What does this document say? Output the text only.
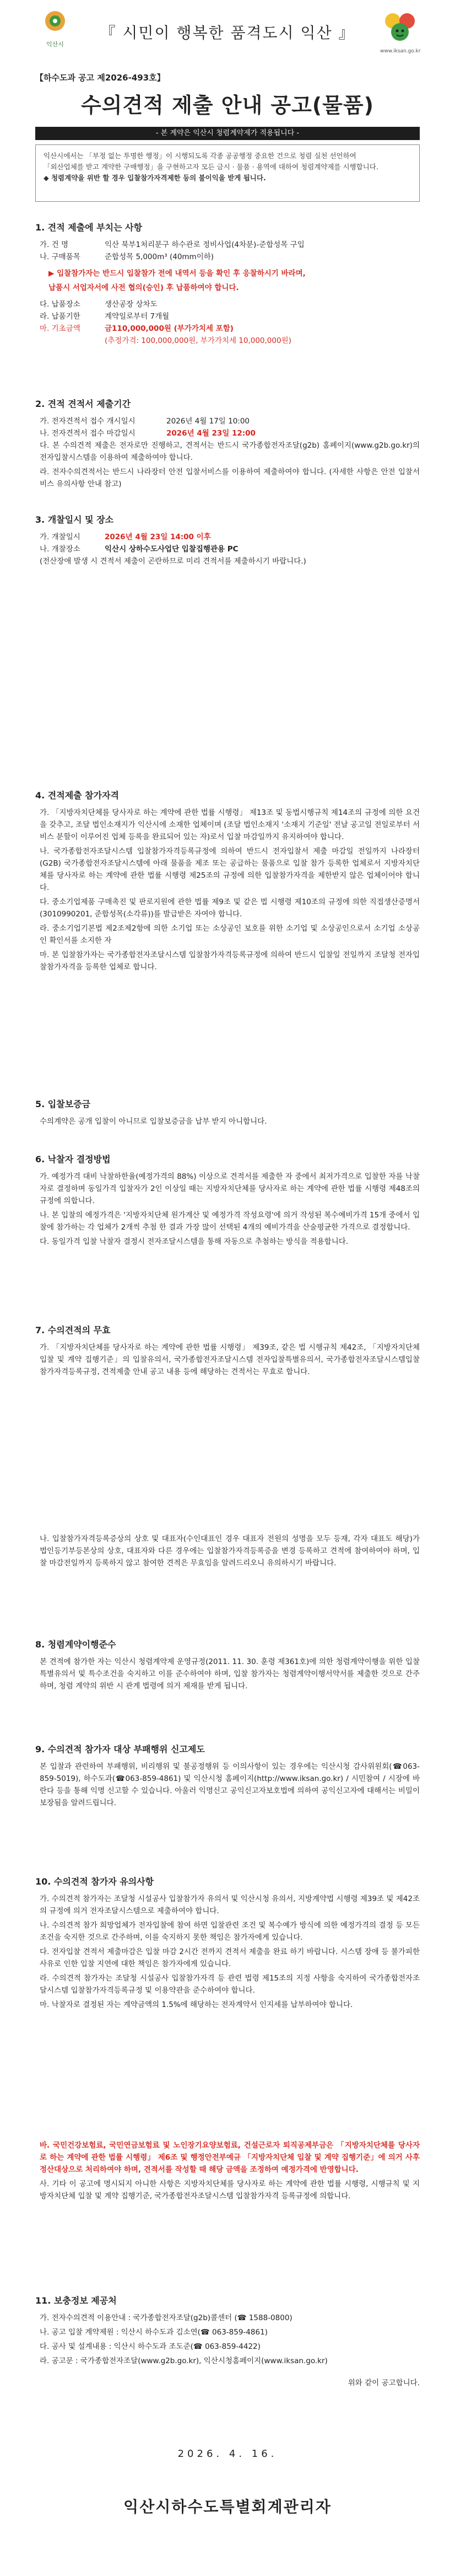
익산시
『 시민이 행복한 품격도시 익산 』
www.iksan.go.kr
【하수도과 공고 제2026-493호】
수의견적 제출 안내 공고(물품)
- 본 계약은 익산시 청렴계약제가 적용됩니다 -
익산시에서는 「부정 없는 투명한 행정」이 시행되도록 각종 공공행정 중요한 건으로 청렴 실천 선언하여
「외산업체를 받고 계약한 구매행정」을 구현하고자 모든 금시 · 물품 · 용역에 대하여 청렴계약제를 시행합니다.
◆ 청렴계약을 위반 할 경우 입찰참가자격제한 등의 불이익을 받게 됩니다.
1. 견적 제출에 부치는 사항
가. 건 명	익산 북부1처리분구 하수관로 정비사업(4차분)-준합성목 구입
나. 구매품목	준합성목 5,000m³ (40mm이하)
▶ 입찰참가자는 반드시 입찰참가 전에 내역서 등을 확인 후 응찰하시기 바라며,
납품시 서업자서에 사전 협의(승인) 후 납품하여야 합니다.
다. 납품장소	생산공장 상차도
라. 납품기한	계약일로부터 7개월
마. 기초금액	금110,000,000원 (부가가치세 포함)
(추정가격: 100,000,000원, 부가가치세 10,000,000원)
2. 견적 견적서 제출기간
가. 전자견적서 접수 개시일시	2026년 4월 17일 10:00
나. 전자견적서 접수 마감일시	2026년 4월 23일 12:00
다. 본 수의견적 제출은 전자로만 진행하고, 견적서는 반드시 국가종합전자조달(g2b) 홈페이지(www.g2b.go.kr)의 전자입찰시스템을 이용하여 제출하여야 합니다.
라. 전자수의견적서는 반드시 나라장터 안전 입찰서비스를 이용하여 제출하여야 합니다. (자세한 사항은 안전 입찰서비스 유의사항 안내 참고)
3. 개찰일시 및 장소
가. 개찰일시	2026년 4월 23일 14:00 이후
나. 개찰장소	익산시 상하수도사업단 입찰집행관용 PC
(전산장애 발생 시 견적서 제출이 곤란하므로 미리 견적서를 제출하시기 바랍니다.)
4. 견적제출 참가자격
가. 「지방자치단체를 당사자로 하는 계약에 관한 법률 시행령」 제13조 및 동법시행규칙 제14조의 규정에 의한 요건을 갖추고, 조달 법인소재지가 익산시에 소재한 업체이며 (조달 법인소재지 '소재지 기준일' 전날 공고일 전일로부터 서비스 분할이 이루어진 업체 등록을 완료되어 있는 자)로서 입찰 마감일까지 유지하여야 합니다.
나. 국가종합전자조달시스템 입찰참가자격등록규정에 의하여 반드시 전자입찰서 제출 마감일 전일까지 나라장터(G2B) 국가종합전자조달시스템에 아래 물품을 제조 또는 공급하는 물품으로 입찰 참가 등록한 업체로서 지방자치단체를 당사자로 하는 계약에 관한 법률 시행령 제25조의 규정에 의한 입찰참가자격을 제한받지 않은 업체이어야 합니다.
다. 중소기업제품 구매촉진 및 판로지원에 관한 법률 제9조 및 같은 법 시행령 제10조의 규정에 의한 직접생산증명서(3010990201, 준합성목(소각류))를 발급받은 자여야 합니다.
라. 중소기업기본법 제2조제2항에 의한 소기업 또는 소상공인 보호를 위한 소기업 및 소상공인으로서 소기업 소상공인 확인서를 소지한 자
마. 본 입찰참가자는 국가종합전자조달시스템 입찰참가자격등록규정에 의하여 반드시 입찰일 전일까지 조달청 전자입찰참가자격을 등록한 업체로 합니다.
5. 입찰보증금
수의계약은 공개 입찰이 아니므로 입찰보증금을 납부 받지 아니합니다.
6. 낙찰자 결정방법
가. 예정가격 대비 낙찰하한율(예정가격의 88%) 이상으로 견적서를 제출한 자 중에서 최저가격으로 입찰한 자를 낙찰자로 결정하며 동일가격 입찰자가 2인 이상일 때는 지방자치단체를 당사자로 하는 계약에 관한 법률 시행령 제48조의 규정에 의합니다.
나. 본 입찰의 예정가격은 '지방자치단체 원가계산 및 예정가격 작성요령'에 의거 작성된 복수예비가격 15개 중에서 입찰에 참가하는 각 업체가 2개씩 추첨 한 결과 가장 많이 선택된 4개의 예비가격을 산술평균한 가격으로 결정합니다.
다. 동일가격 입찰 낙찰자 결정시 전자조달시스템을 통해 자동으로 추첨하는 방식을 적용합니다.
7. 수의견적의 무효
가. 「지방자치단체를 당사자로 하는 계약에 관한 법률 시행령」 제39조, 같은 법 시행규칙 제42조, 「지방자치단체 입찰 및 계약 집행기준」의 입찰유의서, 국가종합전자조달시스템 전자입찰특별유의서, 국가종합전자조달시스템입찰참가자격등록규정, 견적제출 안내 공고 내용 등에 해당하는 견적서는 무효로 합니다.
나. 입찰참가자격등록증상의 상호 및 대표자(수인대표인 경우 대표자 전원의 성명을 모두 등재, 각자 대표도 해당)가 법인등기부등본상의 상호, 대표자와 다른 경우에는 입찰참가자격등록증을 변경 등록하고 견적에 참여하여야 하며, 입찰 마감전일까지 등록하지 않고 참여한 견적은 무효임을 알려드리오니 유의하시기 바랍니다.
8. 청렴계약이행준수
본 견적에 참가한 자는 익산시 청렴계약제 운영규정(2011. 11. 30. 훈령 제361호)에 의한 청렴계약이행을 위한 입찰특별유의서 및 특수조건을 숙지하고 이를 준수하여야 하며, 입찰 참가자는 청렴계약이행서약서를 제출한 것으로 간주하며, 청렴 계약의 위반 시 관계 법령에 의거 제재를 받게 됩니다.
9. 수의견적 참가자 대상 부패행위 신고제도
본 입찰과 관련하여 부패행위, 비리행위 및 불공정행위 등 이의사항이 있는 경우에는 익산시청 감사위원회(☎063-859-5019), 하수도과(☎063-859-4861) 및 익산시청 홈페이지(http://www.iksan.go.kr) / 시민참여 / 시장에 바란다 등을 통해 익명 신고할 수 있습니다. 아울러 익명신고 공익신고자보호법에 의하여 공익신고자에 대해서는 비밀이 보장됨을 알려드립니다.
10. 수의견적 참가자 유의사항
가. 수의견적 참가자는 조달청 시설공사 입찰참가자 유의서 및 익산시청 유의서, 지방계약법 시행령 제39조 및 제42조의 규정에 의거 전자조달시스템으로 제출하여야 합니다.
나. 수의견적 참가 희망업체가 전자입찰에 참여 하면 입찰관련 조건 및 복수예가 방식에 의한 예정가격의 결정 등 모든 조건을 숙지한 것으로 간주하며, 이를 숙지하지 못한 책임은 참가자에게 있습니다.
다. 전자입찰 견적서 제출마감은 입찰 마감 2시간 전까지 견적서 제출을 완료 하기 바랍니다. 시스템 장애 등 불가피한 사유로 인한 입찰 지연에 대한 책임은 참가자에게 있습니다.
라. 수의견적 참가자는 조달청 시설공사 입찰참가자격 등 관련 법령 제15조의 지정 사항을 숙지하여 국가종합전자조달시스템 입찰참가자격등록규정 및 이용약관을 준수하여야 합니다.
마. 낙찰자로 결정된 자는 계약금액의 1.5%에 해당하는 전자계약서 인지세를 납부하여야 합니다.
바. 국민건강보험료, 국민연금보험료 및 노인장기요양보험료, 건설근로자 퇴직공제부금은 「지방자치단체를 당사자로 하는 계약에 관한 법률 시행령」 제6조 및 행정안전부예규 「지방자치단체 입찰 및 계약 집행기준」에 의거 사후 정산대상으로 처리하여야 하며, 견적서를 작성할 때 해당 금액을 조정하여 예정가격에 반영합니다.
사. 기타 이 공고에 명시되지 아니한 사항은 지방자치단체를 당사자로 하는 계약에 관한 법률 시행령, 시행규칙 및 지방자치단체 입찰 및 계약 집행기준, 국가종합전자조달시스템 입찰참가자격 등록규정에 의합니다.
11. 보충정보 제공처
가. 전자수의견적 이용안내 : 국가종합전자조달(g2b)콜센터 (☎ 1588-0800)
나. 공고 입찰 계약제원 : 익산시 하수도과 김소연(☎ 063-859-4861)
다. 공사 및 설계내용 : 익산시 하수도과 조도준(☎ 063-859-4422)
라. 공고문 : 국가종합전자조달(www.g2b.go.kr), 익산시청홈페이지(www.iksan.go.kr)
위와 같이 공고합니다.
2026. 4. 16.
익산시하수도특별회계관리자
